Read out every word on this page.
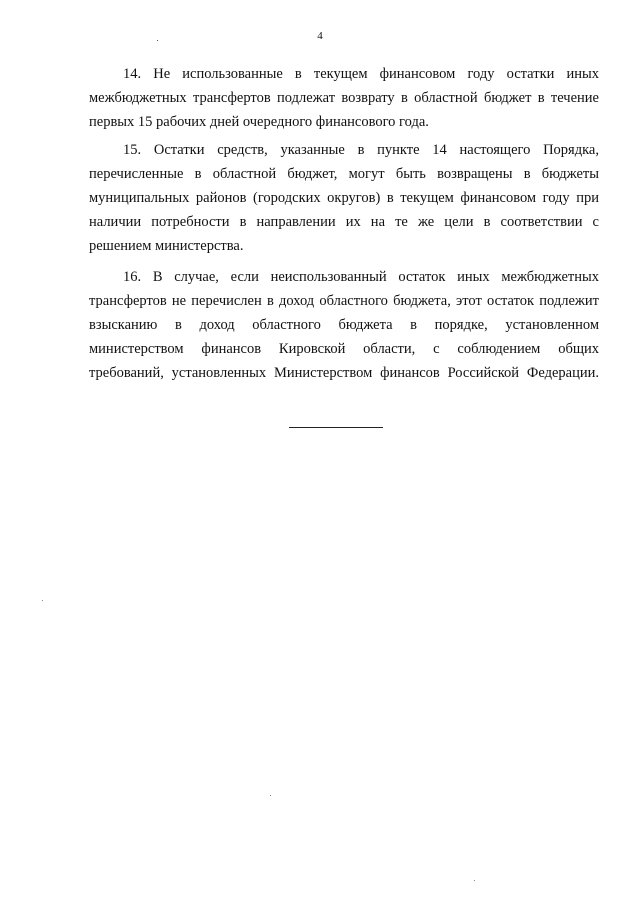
4
14. Не использованные в текущем финансовом году остатки иных
межбюджетных трансфертов подлежат возврату в областной бюджет в течение
первых 15 рабочих дней очередного финансового года.
15. Остатки средств, указанные в пункте 14 настоящего Порядка,
перечисленные в областной бюджет, могут быть возвращены в бюджеты
муниципальных районов (городских округов) в текущем финансовом году при
наличии потребности в направлении их на те же цели в соответствии с
решением министерства.
16. В случае, если неиспользованный остаток иных межбюджетных
трансфертов не перечислен в доход областного бюджета, этот остаток подлежит
взысканию в доход областного бюджета в порядке, установленном
министерством финансов Кировской области, с соблюдением общих
требований, установленных Министерством финансов Российской Федерации.
